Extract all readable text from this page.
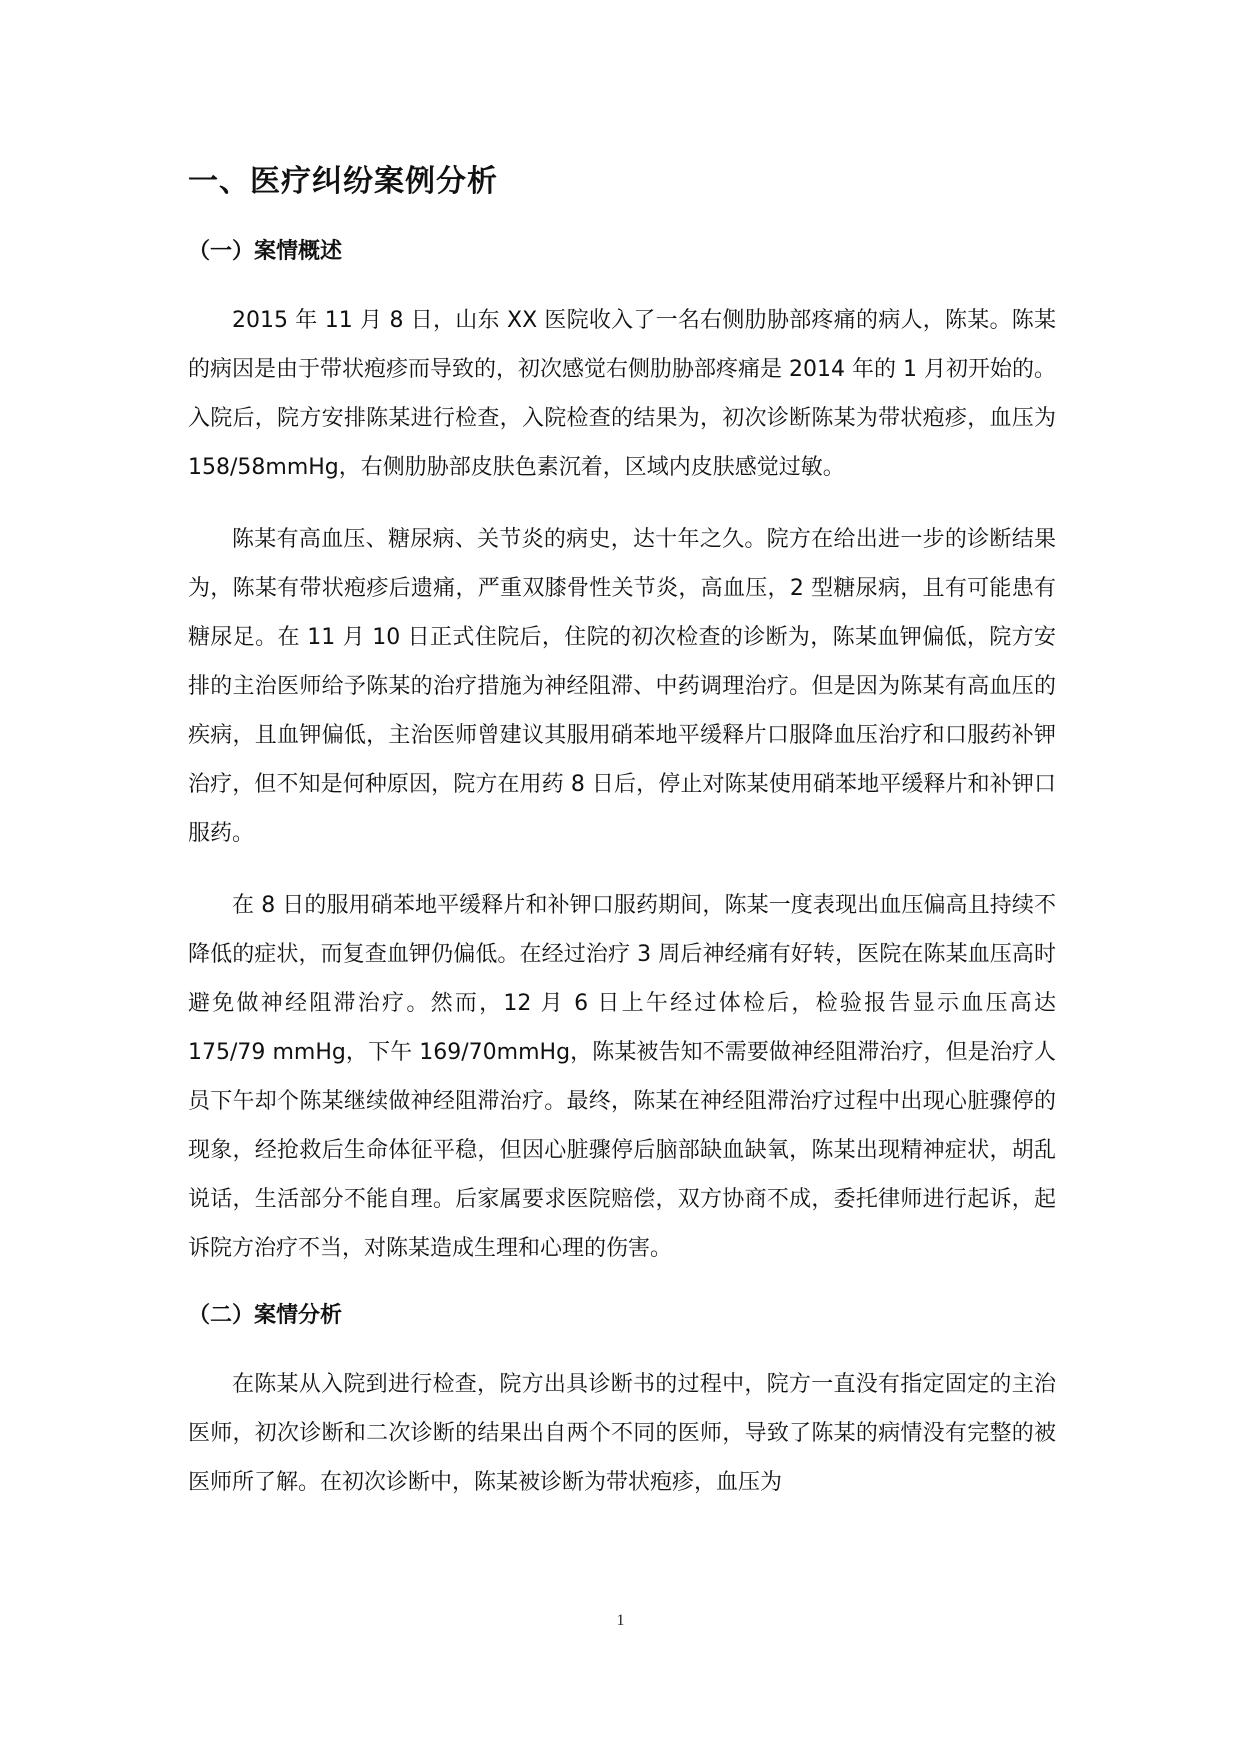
一、医疗纠纷案例分析
（一）案情概述

2015 年 11 月 8 日，山东 XX 医院收入了一名右侧肋胁部疼痛的病人，陈某。陈某的病因是由于带状疱疹而导致的，初次感觉右侧肋胁部疼痛是 2014 年的 1 月初开始的。入院后，院方安排陈某进行检查，入院检查的结果为，初次诊断陈某为带状疱疹，血压为 158/58mmHg，右侧肋胁部皮肤色素沉着，区域内皮肤感觉过敏。

陈某有高血压、糖尿病、关节炎的病史，达十年之久。院方在给出进一步的诊断结果为，陈某有带状疱疹后遗痛，严重双膝骨性关节炎，高血压，2 型糖尿病，且有可能患有糖尿足。在 11 月 10 日正式住院后，住院的初次检查的诊断为，陈某血钾偏低，院方安排的主治医师给予陈某的治疗措施为神经阻滞、中药调理治疗。但是因为陈某有高血压的疾病，且血钾偏低，主治医师曾建议其服用硝苯地平缓释片口服降血压治疗和口服药补钾治疗，但不知是何种原因，院方在用药 8 日后，停止对陈某使用硝苯地平缓释片和补钾口服药。

在 8 日的服用硝苯地平缓释片和补钾口服药期间，陈某一度表现出血压偏高且持续不降低的症状，而复查血钾仍偏低。在经过治疗 3 周后神经痛有好转，医院在陈某血压高时避免做神经阻滞治疗。然而，12 月 6 日上午经过体检后，检验报告显示血压高达 175/79 mmHg，下午 169/70mmHg，陈某被告知不需要做神经阻滞治疗，但是治疗人员下午却个陈某继续做神经阻滞治疗。最终，陈某在神经阻滞治疗过程中出现心脏骤停的现象，经抢救后生命体征平稳，但因心脏骤停后脑部缺血缺氧，陈某出现精神症状，胡乱说话，生活部分不能自理。后家属要求医院赔偿，双方协商不成，委托律师进行起诉，起诉院方治疗不当，对陈某造成生理和心理的伤害。

（二）案情分析

在陈某从入院到进行检查，院方出具诊断书的过程中，院方一直没有指定固定的主治医师，初次诊断和二次诊断的结果出自两个不同的医师，导致了陈某的病情没有完整的被医师所了解。在初次诊断中，陈某被诊断为带状疱疹，血压为

1
